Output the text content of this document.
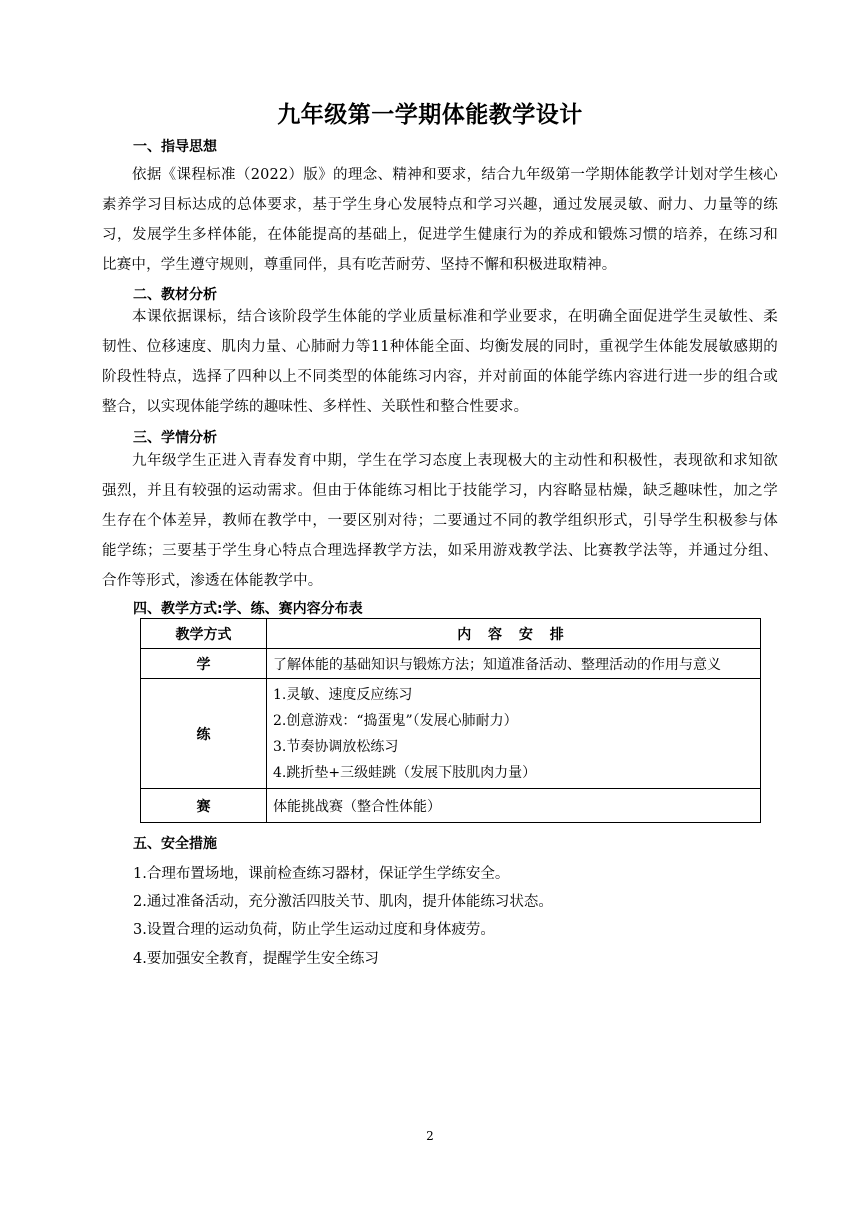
九年级第一学期体能教学设计
一、指导思想

依据《课程标准（2022）版》的理念、精神和要求，结合九年级第一学期体能教学计划对学生核心素养学习目标达成的总体要求，基于学生身心发展特点和学习兴趣，通过发展灵敏、耐力、力量等的练习，发展学生多样体能，在体能提高的基础上，促进学生健康行为的养成和锻炼习惯的培养，在练习和比赛中，学生遵守规则，尊重同伴，具有吃苦耐劳、坚持不懈和积极进取精神。

二、教材分析

本课依据课标，结合该阶段学生体能的学业质量标准和学业要求，在明确全面促进学生灵敏性、柔韧性、位移速度、肌肉力量、心肺耐力等11种体能全面、均衡发展的同时，重视学生体能发展敏感期的阶段性特点，选择了四种以上不同类型的体能练习内容，并对前面的体能学练内容进行进一步的组合或整合，以实现体能学练的趣味性、多样性、关联性和整合性要求。

三、学情分析

九年级学生正进入青春发育中期，学生在学习态度上表现极大的主动性和积极性，表现欲和求知欲强烈，并且有较强的运动需求。但由于体能练习相比于技能学习，内容略显枯燥，缺乏趣味性，加之学生存在个体差异，教师在教学中，一要区别对待；二要通过不同的教学组织形式，引导学生积极参与体能学练；三要基于学生身心特点合理选择教学方法，如采用游戏教学法、比赛教学法等，并通过分组、合作等形式，渗透在体能教学中。

四、教学方式:学、练、赛内容分布表
教学方式	内 容 安 排
学	了解体能的基础知识与锻炼方法；知道准备活动、整理活动的作用与意义
练	1.灵敏、速度反应练习
2.创意游戏：“捣蛋鬼”（发展心肺耐力）
3.节奏协调放松练习
4.跳折垫+三级蛙跳（发展下肢肌肉力量）

赛	体能挑战赛（整合性体能）
五、安全措施
1.合理布置场地，课前检查练习器材，保证学生学练安全。
2.通过准备活动，充分激活四肢关节、肌肉，提升体能练习状态。
3.设置合理的运动负荷，防止学生运动过度和身体疲劳。
4.要加强安全教育，提醒学生安全练习
2
